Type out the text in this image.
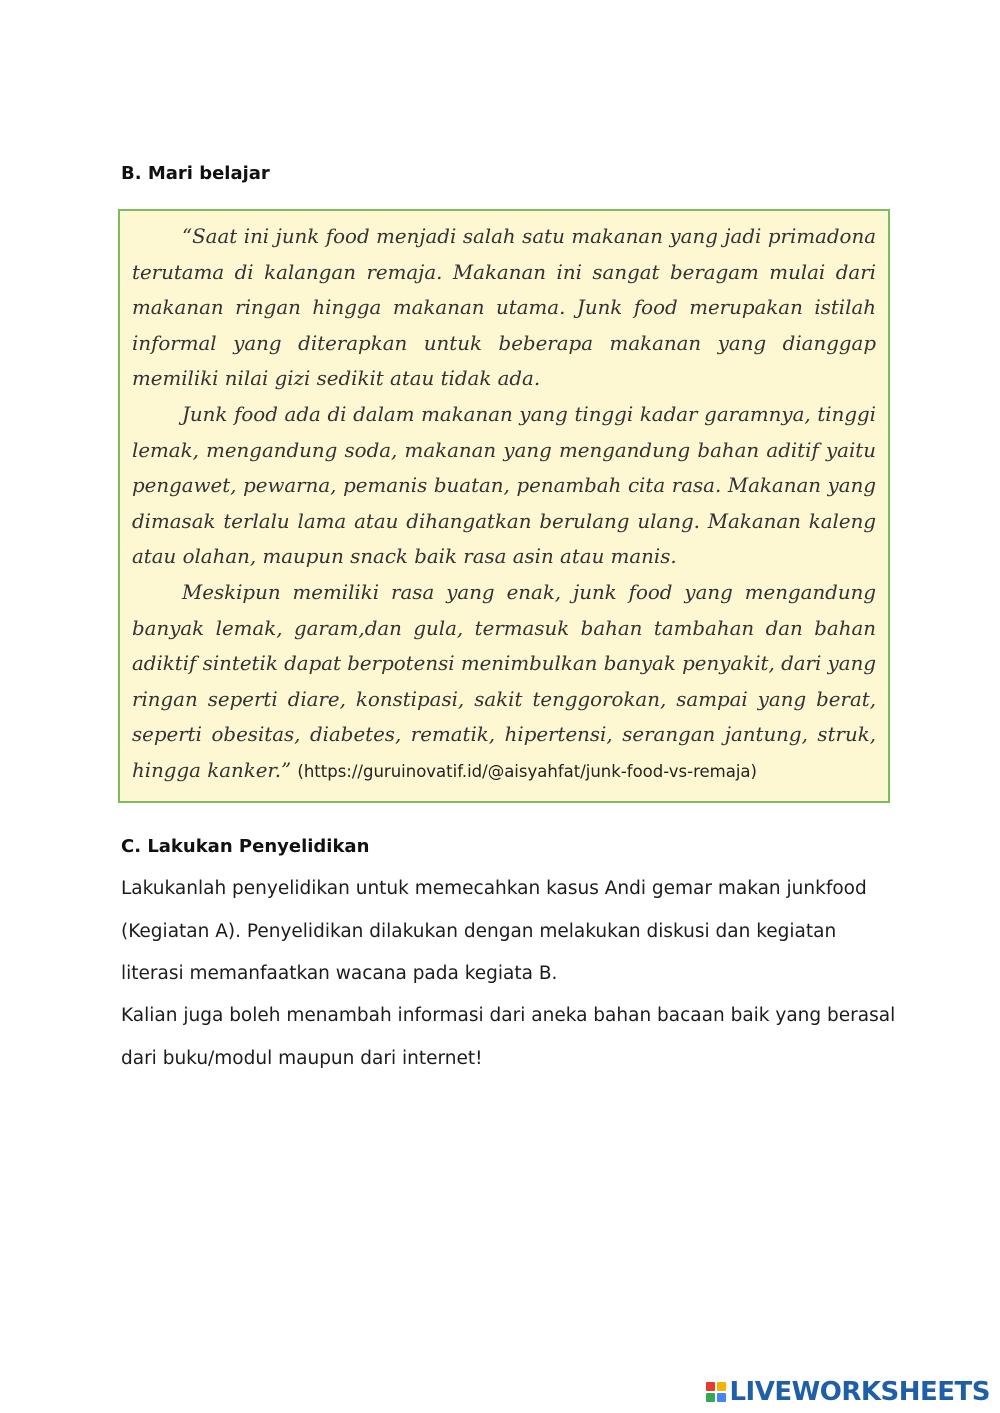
B. Mari belajar

“Saat ini junk food menjadi salah satu makanan yang jadi primadona terutama di kalangan remaja. Makanan ini sangat beragam mulai dari makanan ringan hingga makanan utama. Junk food merupakan istilah informal yang diterapkan untuk beberapa makanan yang dianggap memiliki nilai gizi sedikit atau tidak ada.

Junk food ada di dalam makanan yang tinggi kadar garamnya, tinggi lemak, mengandung soda, makanan yang mengandung bahan aditif yaitu pengawet, pewarna, pemanis buatan, penambah cita rasa. Makanan yang dimasak terlalu lama atau dihangatkan berulang ulang. Makanan kaleng atau olahan, maupun snack baik rasa asin atau manis.

Meskipun memiliki rasa yang enak, junk food yang mengandung banyak lemak, garam,dan gula, termasuk bahan tambahan dan bahan adiktif sintetik dapat berpotensi menimbulkan banyak penyakit, dari yang ringan seperti diare, konstipasi, sakit tenggorokan, sampai yang berat, seperti obesitas, diabetes, rematik, hipertensi, serangan jantung, struk, hingga kanker.” (https://guruinovatif.id/@aisyahfat/junk-food-vs-remaja)

C. Lakukan Penyelidikan
Lakukanlah penyelidikan untuk memecahkan kasus Andi gemar makan junkfood
(Kegiatan A). Penyelidikan dilakukan dengan melakukan diskusi dan kegiatan
literasi memanfaatkan wacana pada kegiata B.
Kalian juga boleh menambah informasi dari aneka bahan bacaan baik yang berasal
dari buku/modul maupun dari internet!
LIVEWORKSHEETS
